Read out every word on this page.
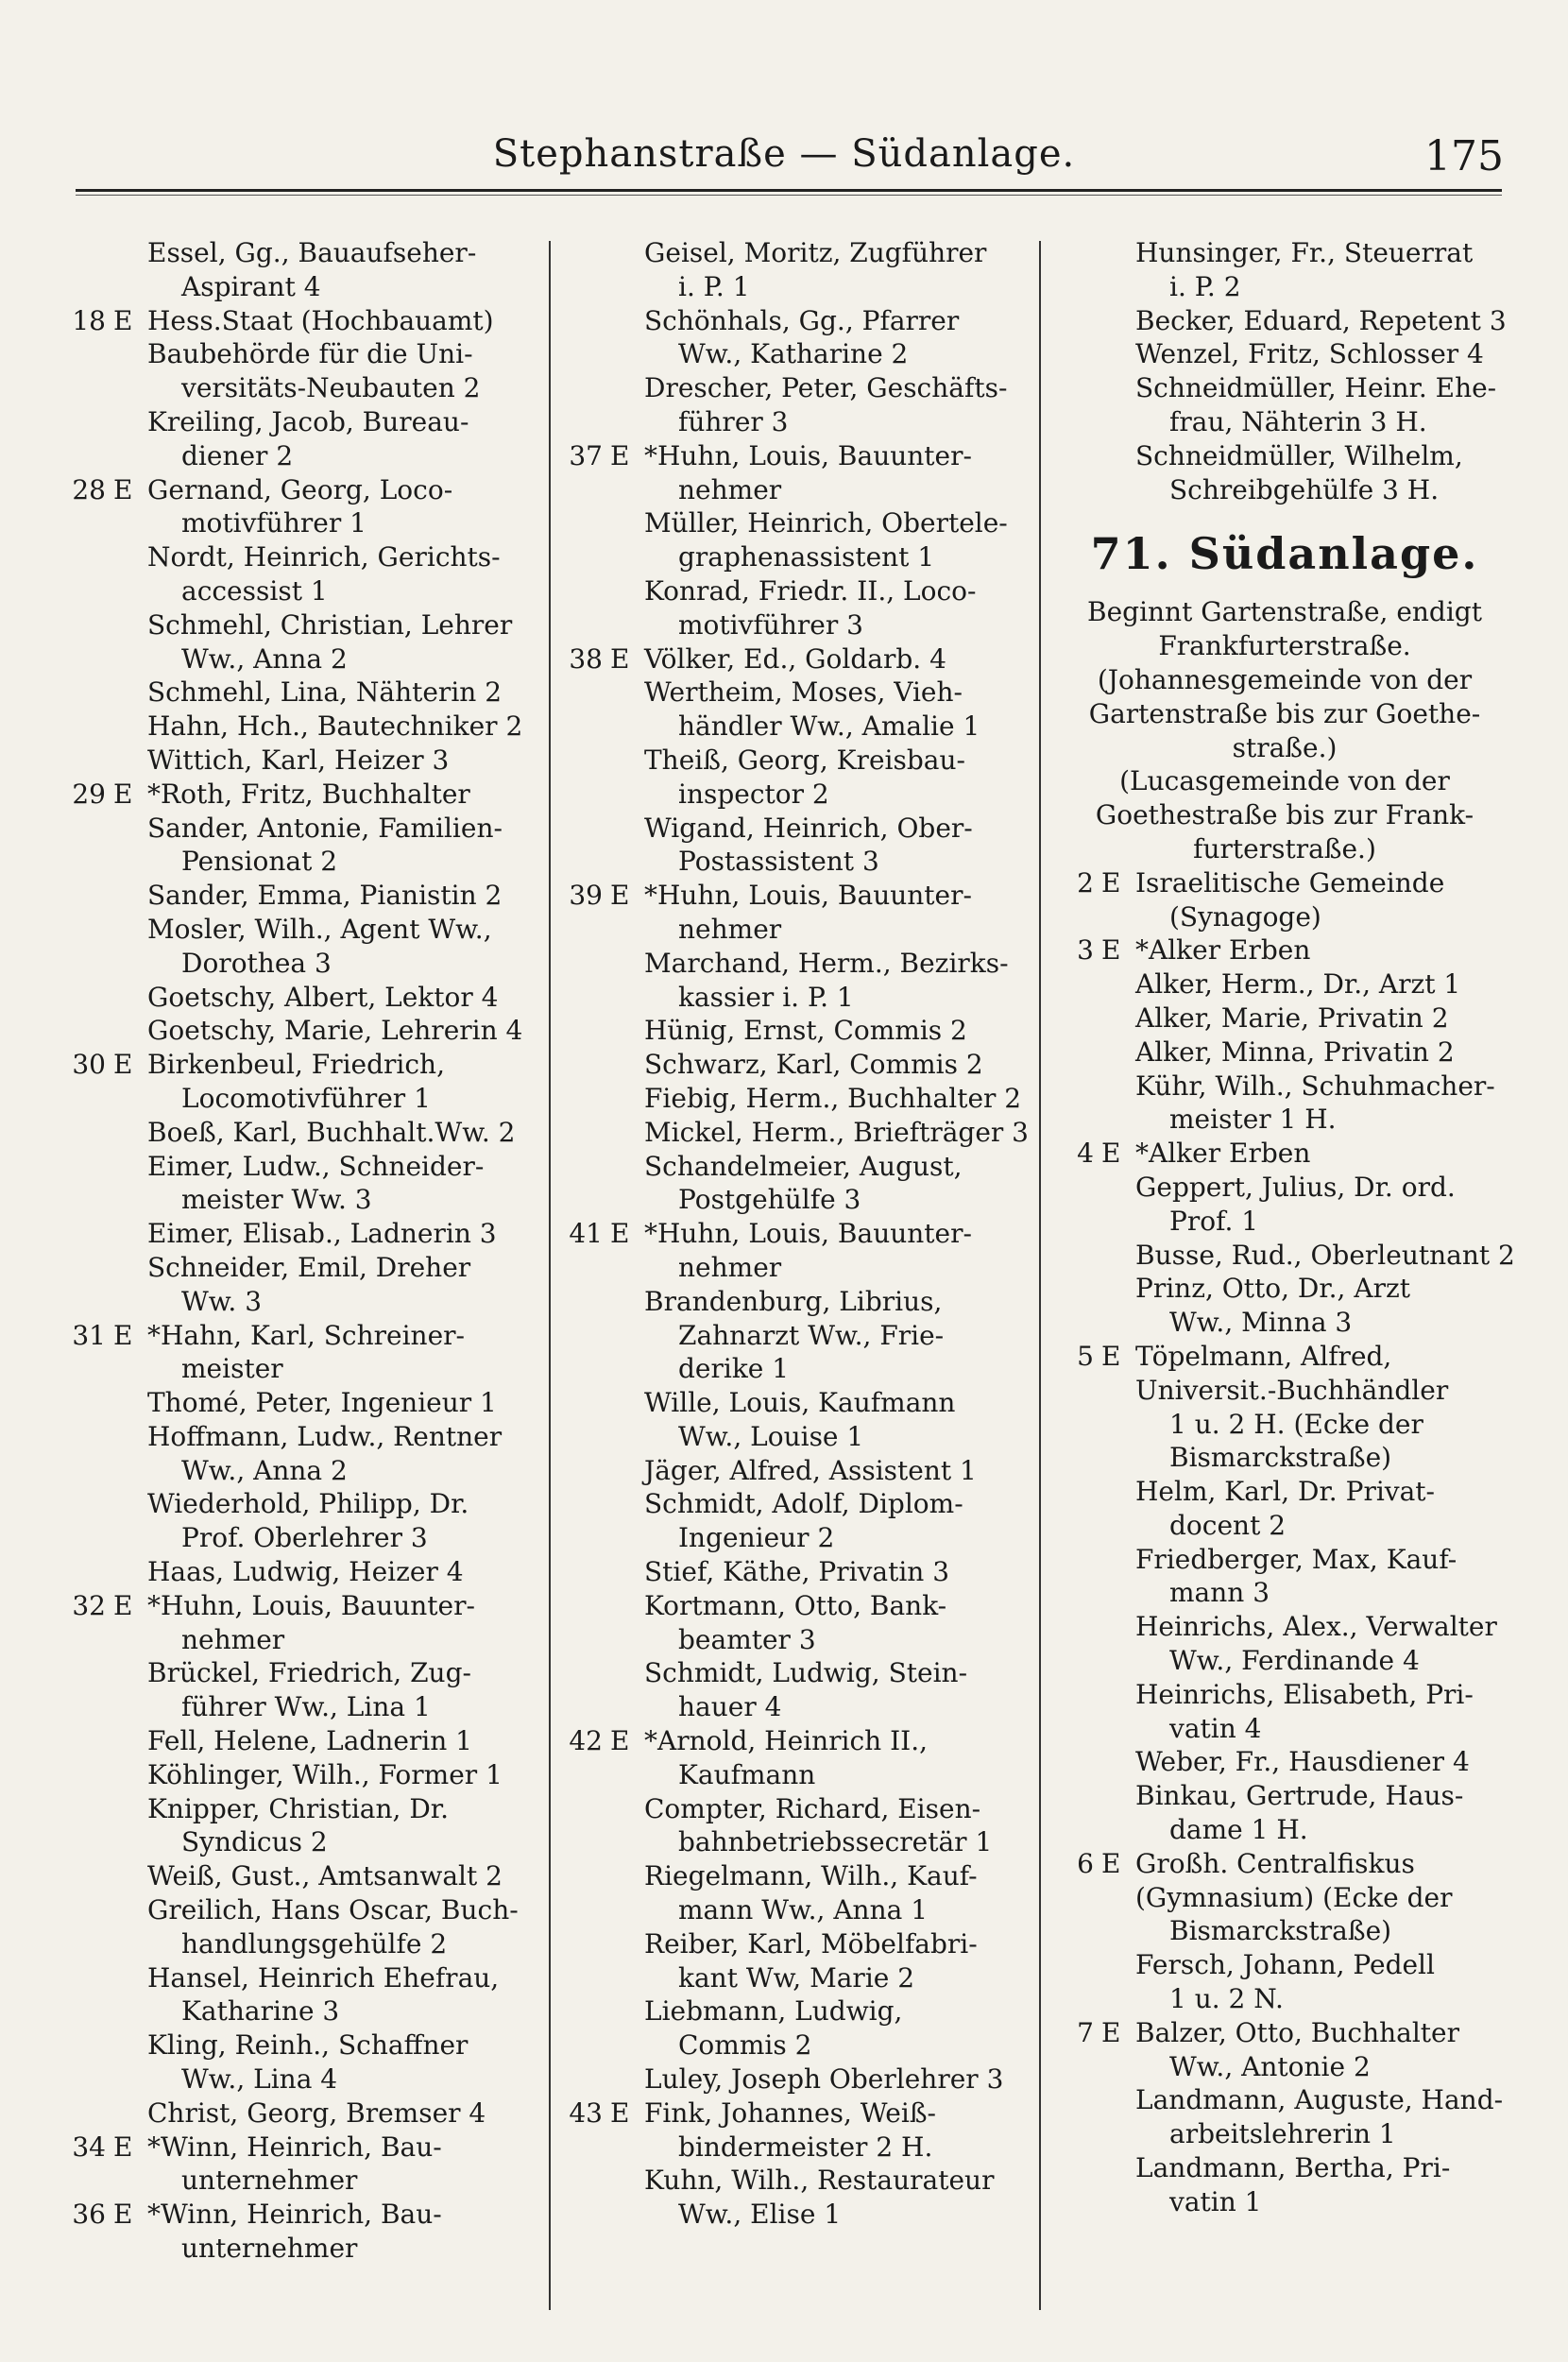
Stephanstraße — Südanlage.	175
Essel, Gg., Bauaufseher-
Aspirant 4
18 E Hess.Staat (Hochbauamt)
Baubehörde für die Uni-
versitäts-Neubauten 2
Kreiling, Jacob, Bureau-
diener 2
28 E Gernand, Georg, Loco-
motivführer 1
Nordt, Heinrich, Gerichts-
accessist 1
Schmehl, Christian, Lehrer
Ww., Anna 2
Schmehl, Lina, Nähterin 2
Hahn, Hch., Bautechniker 2
Wittich, Karl, Heizer 3
29 E *Roth, Fritz, Buchhalter
Sander, Antonie, Familien-
Pensionat 2
Sander, Emma, Pianistin 2
Mosler, Wilh., Agent Ww.,
Dorothea 3
Goetschy, Albert, Lektor 4
Goetschy, Marie, Lehrerin 4
30 E Birkenbeul, Friedrich,
Locomotivführer 1
Boeß, Karl, Buchhalt.Ww. 2
Eimer, Ludw., Schneider-
meister Ww. 3
Eimer, Elisab., Ladnerin 3
Schneider, Emil, Dreher
Ww. 3
31 E *Hahn, Karl, Schreiner-
meister
Thomé, Peter, Ingenieur 1
Hoffmann, Ludw., Rentner
Ww., Anna 2
Wiederhold, Philipp, Dr.
Prof. Oberlehrer 3
Haas, Ludwig, Heizer 4
32 E *Huhn, Louis, Bauunter-
nehmer
Brückel, Friedrich, Zug-
führer Ww., Lina 1
Fell, Helene, Ladnerin 1
Köhlinger, Wilh., Former 1
Knipper, Christian, Dr.
Syndicus 2
Weiß, Gust., Amtsanwalt 2
Greilich, Hans Oscar, Buch-
handlungsgehülfe 2
Hansel, Heinrich Ehefrau,
Katharine 3
Kling, Reinh., Schaffner
Ww., Lina 4
Christ, Georg, Bremser 4
34 E *Winn, Heinrich, Bau-
unternehmer
36 E *Winn, Heinrich, Bau-
unternehmer
Geisel, Moritz, Zugführer
i. P. 1
Schönhals, Gg., Pfarrer
Ww., Katharine 2
Drescher, Peter, Geschäfts-
führer 3
37 E *Huhn, Louis, Bauunter-
nehmer
Müller, Heinrich, Obertele-
graphenassistent 1
Konrad, Friedr. II., Loco-
motivführer 3
38 E Völker, Ed., Goldarb. 4
Wertheim, Moses, Vieh-
händler Ww., Amalie 1
Theiß, Georg, Kreisbau-
inspector 2
Wigand, Heinrich, Ober-
Postassistent 3
39 E *Huhn, Louis, Bauunter-
nehmer
Marchand, Herm., Bezirks-
kassier i. P. 1
Hünig, Ernst, Commis 2
Schwarz, Karl, Commis 2
Fiebig, Herm., Buchhalter 2
Mickel, Herm., Briefträger 3
Schandelmeier, August,
Postgehülfe 3
41 E *Huhn, Louis, Bauunter-
nehmer
Brandenburg, Librius,
Zahnarzt Ww., Frie-
derike 1
Wille, Louis, Kaufmann
Ww., Louise 1
Jäger, Alfred, Assistent 1
Schmidt, Adolf, Diplom-
Ingenieur 2
Stief, Käthe, Privatin 3
Kortmann, Otto, Bank-
beamter 3
Schmidt, Ludwig, Stein-
hauer 4
42 E *Arnold, Heinrich II.,
Kaufmann
Compter, Richard, Eisen-
bahnbetriebssecretär 1
Riegelmann, Wilh., Kauf-
mann Ww., Anna 1
Reiber, Karl, Möbelfabri-
kant Ww, Marie 2
Liebmann, Ludwig,
Commis 2
Luley, Joseph Oberlehrer 3
43 E Fink, Johannes, Weiß-
bindermeister 2 H.
Kuhn, Wilh., Restaurateur
Ww., Elise 1
Hunsinger, Fr., Steuerrat
i. P. 2
Becker, Eduard, Repetent 3
Wenzel, Fritz, Schlosser 4
Schneidmüller, Heinr. Ehe-
frau, Nähterin 3 H.
Schneidmüller, Wilhelm,
Schreibgehülfe 3 H.
71. Südanlage.
Beginnt Gartenstraße, endigt
Frankfurterstraße.
(Johannesgemeinde von der
Gartenstraße bis zur Goethe-
straße.)
(Lucasgemeinde von der
Goethestraße bis zur Frank-
furterstraße.)
2 E Israelitische Gemeinde
(Synagoge)
3 E *Alker Erben
Alker, Herm., Dr., Arzt 1
Alker, Marie, Privatin 2
Alker, Minna, Privatin 2
Kühr, Wilh., Schuhmacher-
meister 1 H.
4 E *Alker Erben
Geppert, Julius, Dr. ord.
Prof. 1
Busse, Rud., Oberleutnant 2
Prinz, Otto, Dr., Arzt
Ww., Minna 3
5 E Töpelmann, Alfred,
Universit.-Buchhändler
1 u. 2 H. (Ecke der
Bismarckstraße)
Helm, Karl, Dr. Privat-
docent 2
Friedberger, Max, Kauf-
mann 3
Heinrichs, Alex., Verwalter
Ww., Ferdinande 4
Heinrichs, Elisabeth, Pri-
vatin 4
Weber, Fr., Hausdiener 4
Binkau, Gertrude, Haus-
dame 1 H.
6 E Großh. Centralfiskus
(Gymnasium) (Ecke der
Bismarckstraße)
Fersch, Johann, Pedell
1 u. 2 N.
7 E Balzer, Otto, Buchhalter
Ww., Antonie 2
Landmann, Auguste, Hand-
arbeitslehrerin 1
Landmann, Bertha, Pri-
vatin 1
